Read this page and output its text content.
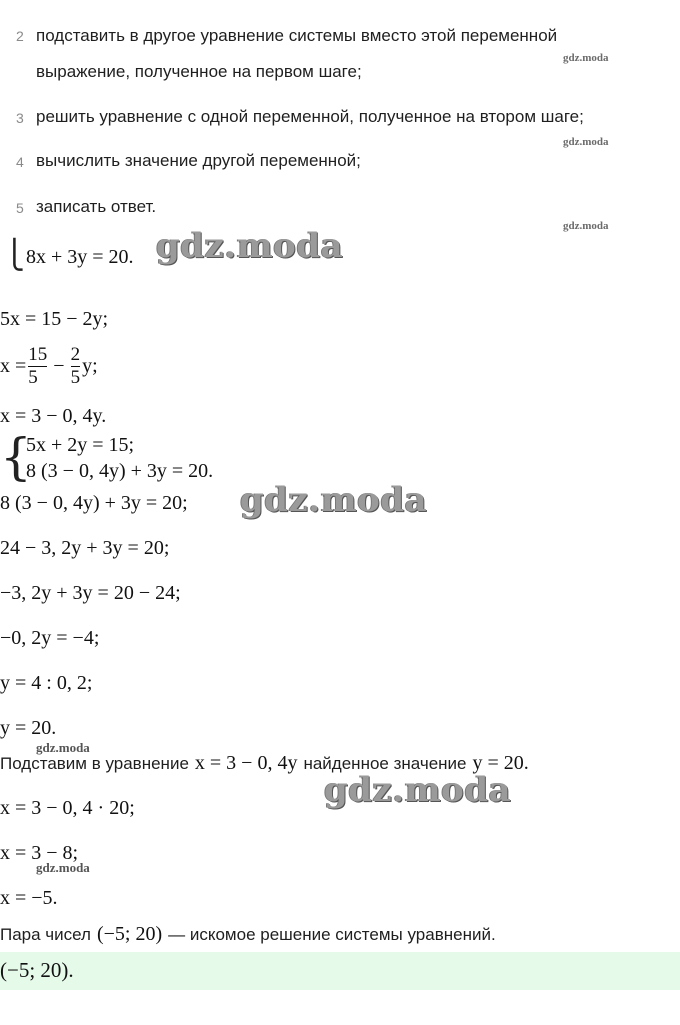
2 подставить в другое уравнение системы вместо этой переменной
выражение, полученное на первом шаге;
gdz.moda
3 решить уравнение с одной переменной, полученное на втором шаге;
gdz.moda
4 вычислить значение другой переменной;
5 записать ответ.
gdz.moda
⎩ 8x + 3y = 20. gdz.moda
5x = 15 − 2y;
$x = \frac{15}{5} - \frac{2}{5} y$;
x = 3 − 0, 4y.
{
5x + 2y = 15;
8 (3 − 0, 4y) + 3y = 20.
8 (3 − 0, 4y) + 3y = 20; gdz.moda
24 − 3, 2y + 3y = 20;
−3, 2y + 3y = 20 − 24;
−0, 2y = −4;
y = 4 : 0, 2;
y = 20.
gdz.moda
Подставим в уравнение x = 3 − 0, 4y найденное значение y = 20.
x = 3 − 0, 4 · 20;	gdz.moda
x = 3 − 8;
gdz.moda
x = −5.
Пара чисел (−5; 20) — искомое решение системы уравнений.
(−5; 20).
